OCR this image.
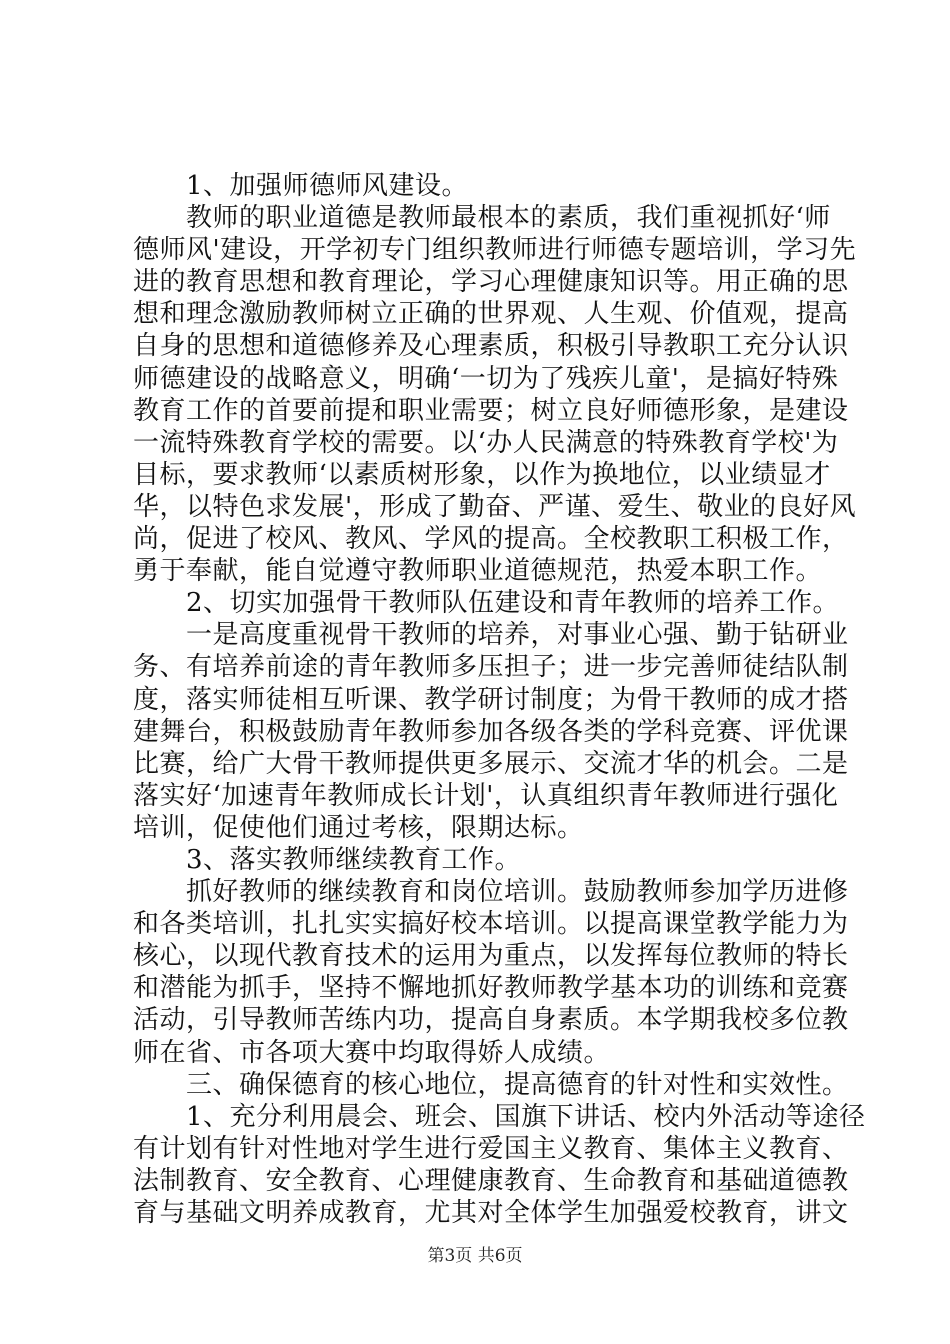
　　1、加强师德师风建设。
　　教师的职业道德是教师最根本的素质，我们重视抓好‘师
德师风'建设，开学初专门组织教师进行师德专题培训，学习先
进的教育思想和教育理论，学习心理健康知识等。用正确的思
想和理念激励教师树立正确的世界观、人生观、价值观，提高
自身的思想和道德修养及心理素质，积极引导教职工充分认识
师德建设的战略意义，明确‘一切为了残疾儿童'，是搞好特殊
教育工作的首要前提和职业需要；树立良好师德形象，是建设
一流特殊教育学校的需要。以‘办人民满意的特殊教育学校'为
目标，要求教师‘以素质树形象，以作为换地位，以业绩显才
华，以特色求发展'，形成了勤奋、严谨、爱生、敬业的良好风
尚，促进了校风、教风、学风的提高。全校教职工积极工作，
勇于奉献，能自觉遵守教师职业道德规范，热爱本职工作。
　　2、切实加强骨干教师队伍建设和青年教师的培养工作。
　　一是高度重视骨干教师的培养，对事业心强、勤于钻研业
务、有培养前途的青年教师多压担子；进一步完善师徒结队制
度，落实师徒相互听课、教学研讨制度；为骨干教师的成才搭
建舞台，积极鼓励青年教师参加各级各类的学科竞赛、评优课
比赛，给广大骨干教师提供更多展示、交流才华的机会。二是
落实好‘加速青年教师成长计划'，认真组织青年教师进行强化
培训，促使他们通过考核，限期达标。
　　3、落实教师继续教育工作。
　　抓好教师的继续教育和岗位培训。鼓励教师参加学历进修
和各类培训，扎扎实实搞好校本培训。以提高课堂教学能力为
核心，以现代教育技术的运用为重点，以发挥每位教师的特长
和潜能为抓手，坚持不懈地抓好教师教学基本功的训练和竞赛
活动，引导教师苦练内功，提高自身素质。本学期我校多位教
师在省、市各项大赛中均取得娇人成绩。
　　三、确保德育的核心地位，提高德育的针对性和实效性。
　　1、充分利用晨会、班会、国旗下讲话、校内外活动等途径
有计划有针对性地对学生进行爱国主义教育、集体主义教育、
法制教育、安全教育、心理健康教育、生命教育和基础道德教
育与基础文明养成教育，尤其对全体学生加强爱校教育，讲文
第3页 共6页
